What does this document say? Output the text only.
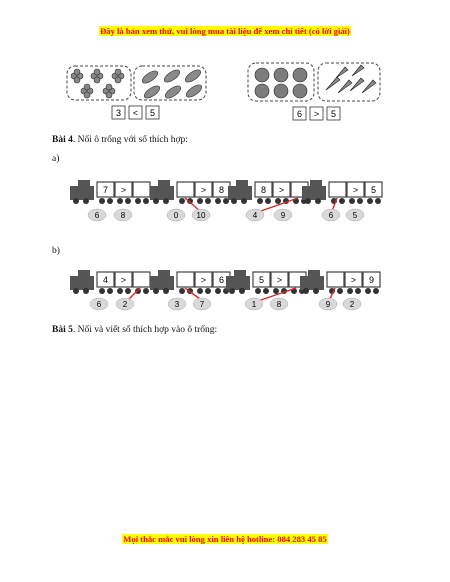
Đây là bản xem thử, vui lòng mua tài liệu để xem chi tiết (có lời giải)
3 < 5	6 > 5
7 >
6	8
> 8
0 10
8 >
4	9
> 5
6 5
4 >
6	2
> 6
3	7
5 >
1	8
> 9
9 2
Bài 4. Nối ô trống với số thích hợp:
a)
b)
Bài 5. Nối và viết số thích hợp vào ô trống:
Mọi thắc mắc vui lòng xin liên hệ hotline: 084 283 45 85
